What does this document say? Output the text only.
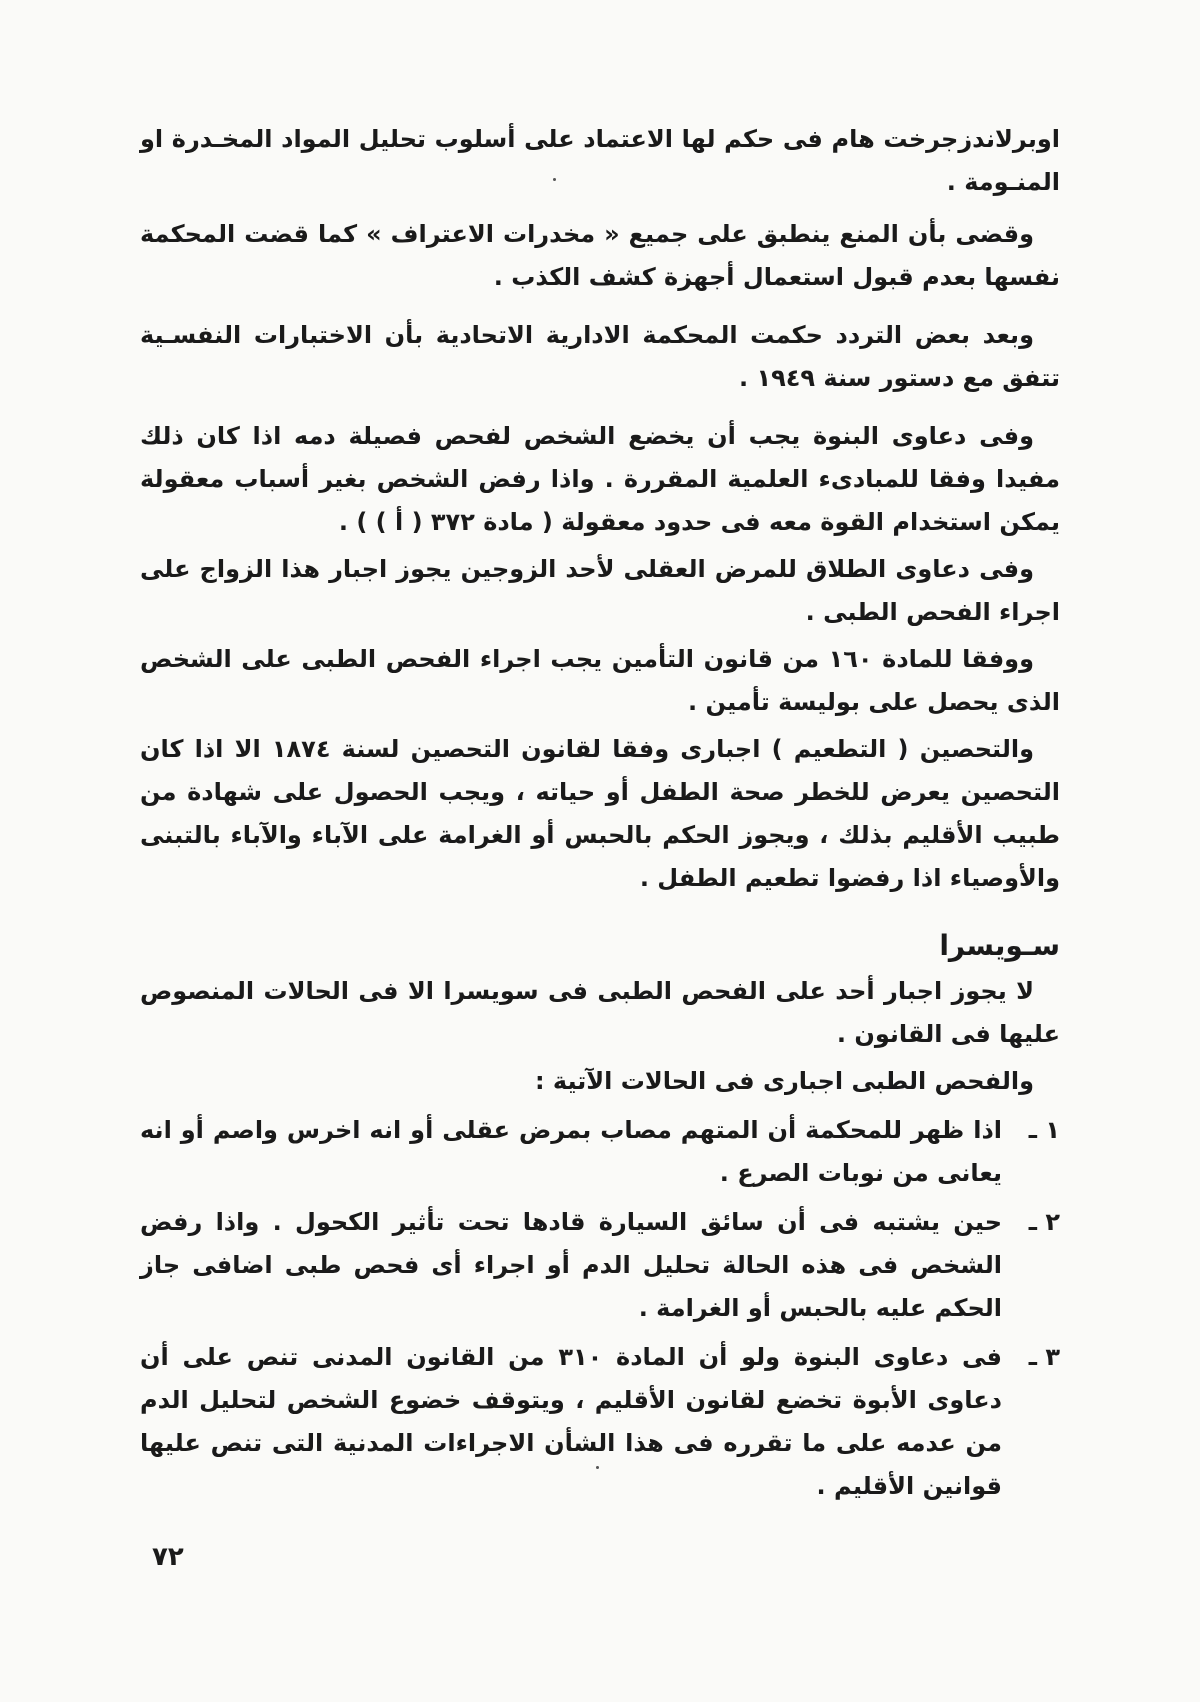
اوبرلاندزجرخت هام فى حكم لها الاعتماد على أسلوب تحليل المواد المخـدرة او المنـومة .

وقضى بأن المنع ينطبق على جميع « مخدرات الاعتراف » كما قضت المحكمة نفسها بعدم قبول استعمال أجهزة كشف الكذب .

وبعد بعض التردد حكمت المحكمة الادارية الاتحادية بأن الاختبارات النفسـية تتفق مع دستور سنة ١٩٤٩ .

وفى دعاوى البنوة يجب أن يخضع الشخص لفحص فصيلة دمه اذا كان ذلك مفيدا وفقا للمبادىء العلمية المقررة . واذا رفض الشخص بغير أسباب معقولة يمكن استخدام القوة معه فى حدود معقولة ( مادة ٣٧٢ ( أ ) ) .

وفى دعاوى الطلاق للمرض العقلى لأحد الزوجين يجوز اجبار هذا الزواج على اجراء الفحص الطبى .

ووفقا للمادة ١٦٠ من قانون التأمين يجب اجراء الفحص الطبى على الشخص الذى يحصل على بوليسة تأمين .

والتحصين ( التطعيم ) اجبارى وفقا لقانون التحصين لسنة ١٨٧٤ الا اذا كان التحصين يعرض للخطر صحة الطفل أو حياته ، ويجب الحصول على شهادة من طبيب الأقليم بذلك ، ويجوز الحكم بالحبس أو الغرامة على الآباء والآباء بالتبنى والأوصياء اذا رفضوا تطعيم الطفل .

سـويسرا

لا يجوز اجبار أحد على الفحص الطبى فى سويسرا الا فى الحالات المنصوص عليها فى القانون .

والفحص الطبى اجبارى فى الحالات الآتية :

١ ـ
اذا ظهر للمحكمة أن المتهم مصاب بمرض عقلى أو انه اخرس واصم أو انه يعانى من نوبات الصرع .
٢ ـ
حين يشتبه فى أن سائق السيارة قادها تحت تأثير الكحول . واذا رفض الشخص فى هذه الحالة تحليل الدم أو اجراء أى فحص طبى اضافى جاز الحكم عليه بالحبس أو الغرامة .
٣ ـ
فى دعاوى البنوة ولو أن المادة ٣١٠ من القانون المدنى تنص على أن دعاوى الأبوة تخضع لقانون الأقليم ، ويتوقف خضوع الشخص لتحليل الدم من عدمه على ما تقرره فى هذا الشأن الاجراءات المدنية التى تنص عليها قوانين الأقليم .
٧٢
